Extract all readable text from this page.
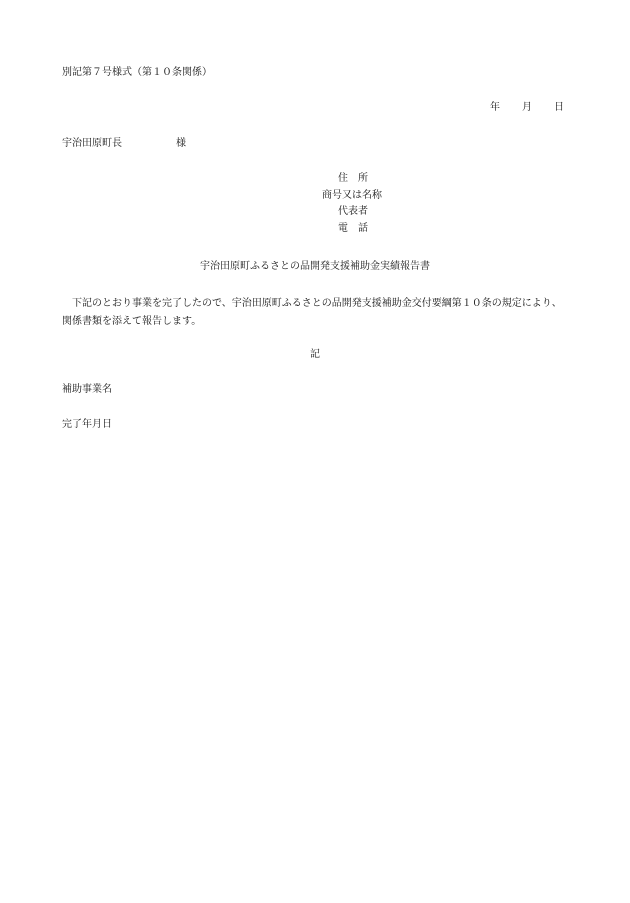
別記第７号様式（第１０条関係）
年 月 日
宇治田原町長	様
住　所
商号又は名称
代表者
電　話
宇治田原町ふるさとの品開発支援補助金実績報告書

下記のとおり事業を完了したので、宇治田原町ふるさとの品開発支援補助金交付要綱第１０条の規定により、関係書類を添えて報告します。

記
補助事業名
完了年月日
